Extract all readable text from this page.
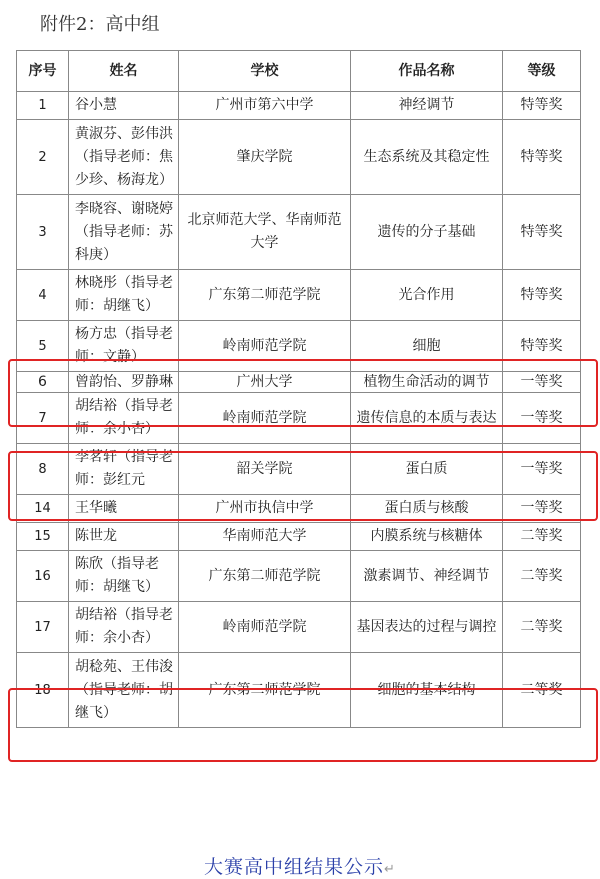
附件2：高中组
序号	姓名	学校	作品名称	等级
1	谷小慧	广州市第六中学	神经调节	特等奖
2	黄淑芬、彭伟洪（指导老师：焦少珍、杨海龙）	肇庆学院	生态系统及其稳定性	特等奖
3	李晓容、谢晓婷（指导老师：苏科庚）	北京师范大学、华南师范大学	遗传的分子基础	特等奖
4	林晓彤（指导老师：胡继飞）	广东第二师范学院	光合作用	特等奖
5	杨方忠（指导老师：文静）	岭南师范学院	细胞	特等奖
6	曾韵怡、罗静琳	广州大学	植物生命活动的调节	一等奖
7	胡结裕（指导老师：余小杏）	岭南师范学院	遗传信息的本质与表达	一等奖
8	李茗轩（指导老师：彭红元	韶关学院	蛋白质	一等奖
14	王华曦	广州市执信中学	蛋白质与核酸	一等奖
15	陈世龙	华南师范大学	内膜系统与核糖体	二等奖
16	陈欣（指导老师：胡继飞）	广东第二师范学院	激素调节、神经调节	二等奖
17	胡结裕（指导老师：余小杏）	岭南师范学院	基因表达的过程与调控	二等奖
18	胡稔苑、王伟浚（指导老师：胡继飞）	广东第二师范学院	细胞的基本结构	二等奖
大赛高中组结果公示↵
